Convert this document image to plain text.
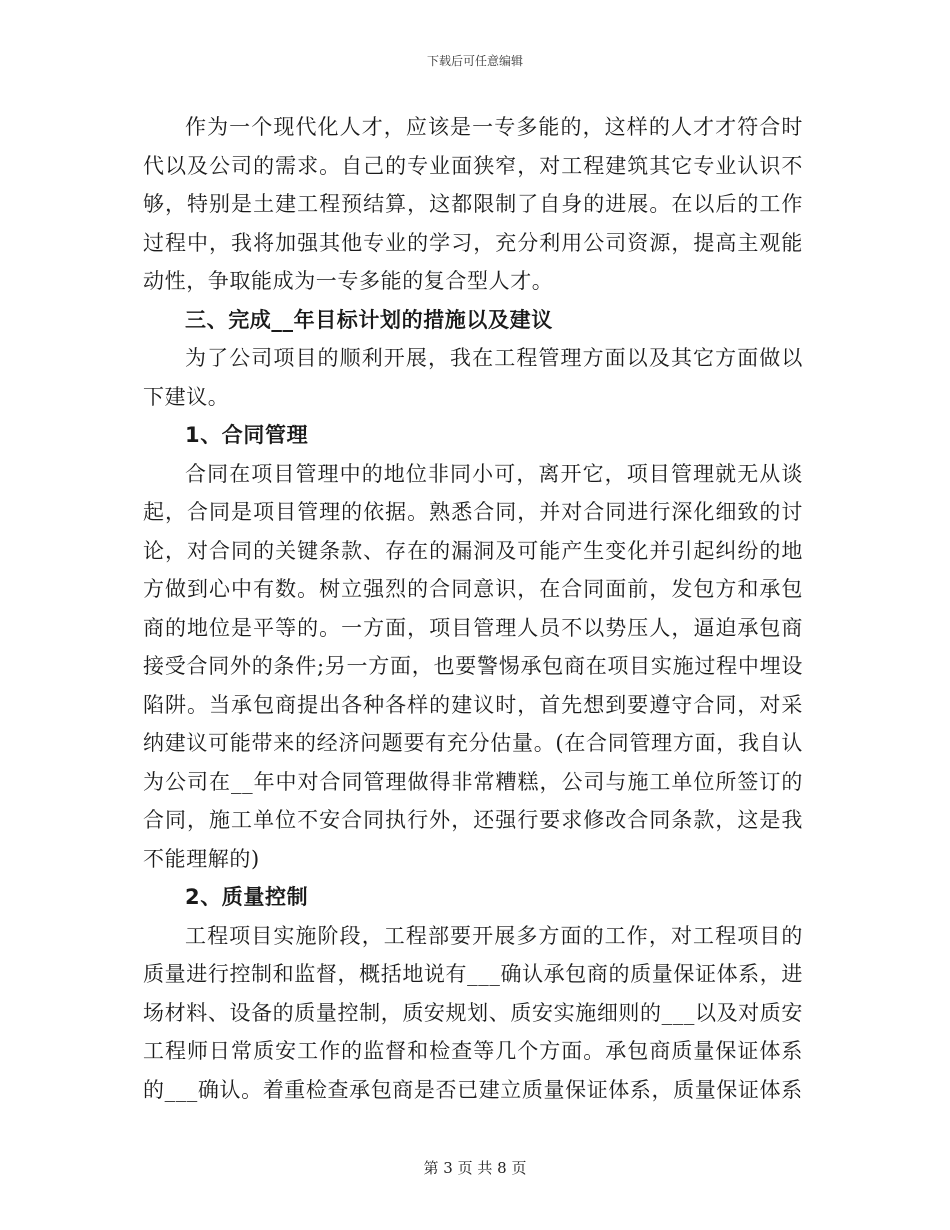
下载后可任意编辑

作为一个现代化人才，应该是一专多能的，这样的人才才符合时代以及公司的需求。自己的专业面狭窄，对工程建筑其它专业认识不够，特别是土建工程预结算，这都限制了自身的进展。在以后的工作过程中，我将加强其他专业的学习，充分利用公司资源，提高主观能动性，争取能成为一专多能的复合型人才。

三、完成__年目标计划的措施以及建议

为了公司项目的顺利开展，我在工程管理方面以及其它方面做以下建议。

1、合同管理

合同在项目管理中的地位非同小可，离开它，项目管理就无从谈起，合同是项目管理的依据。熟悉合同，并对合同进行深化细致的讨论，对合同的关键条款、存在的漏洞及可能产生变化并引起纠纷的地方做到心中有数。树立强烈的合同意识，在合同面前，发包方和承包商的地位是平等的。一方面，项目管理人员不以势压人，逼迫承包商接受合同外的条件;另一方面，也要警惕承包商在项目实施过程中埋设陷阱。当承包商提出各种各样的建议时，首先想到要遵守合同，对采纳建议可能带来的经济问题要有充分估量。(在合同管理方面，我自认为公司在__年中对合同管理做得非常糟糕，公司与施工单位所签订的合同，施工单位不安合同执行外，还强行要求修改合同条款，这是我不能理解的)

2、质量控制

工程项目实施阶段，工程部要开展多方面的工作，对工程项目的质量进行控制和监督，概括地说有___确认承包商的质量保证体系，进场材料、设备的质量控制，质安规划、质安实施细则的___以及对质安工程师日常质安工作的监督和检查等几个方面。承包商质量保证体系的___确认。着重检查承包商是否已建立质量保证体系，质量保证体系

第 3 页 共 8 页
